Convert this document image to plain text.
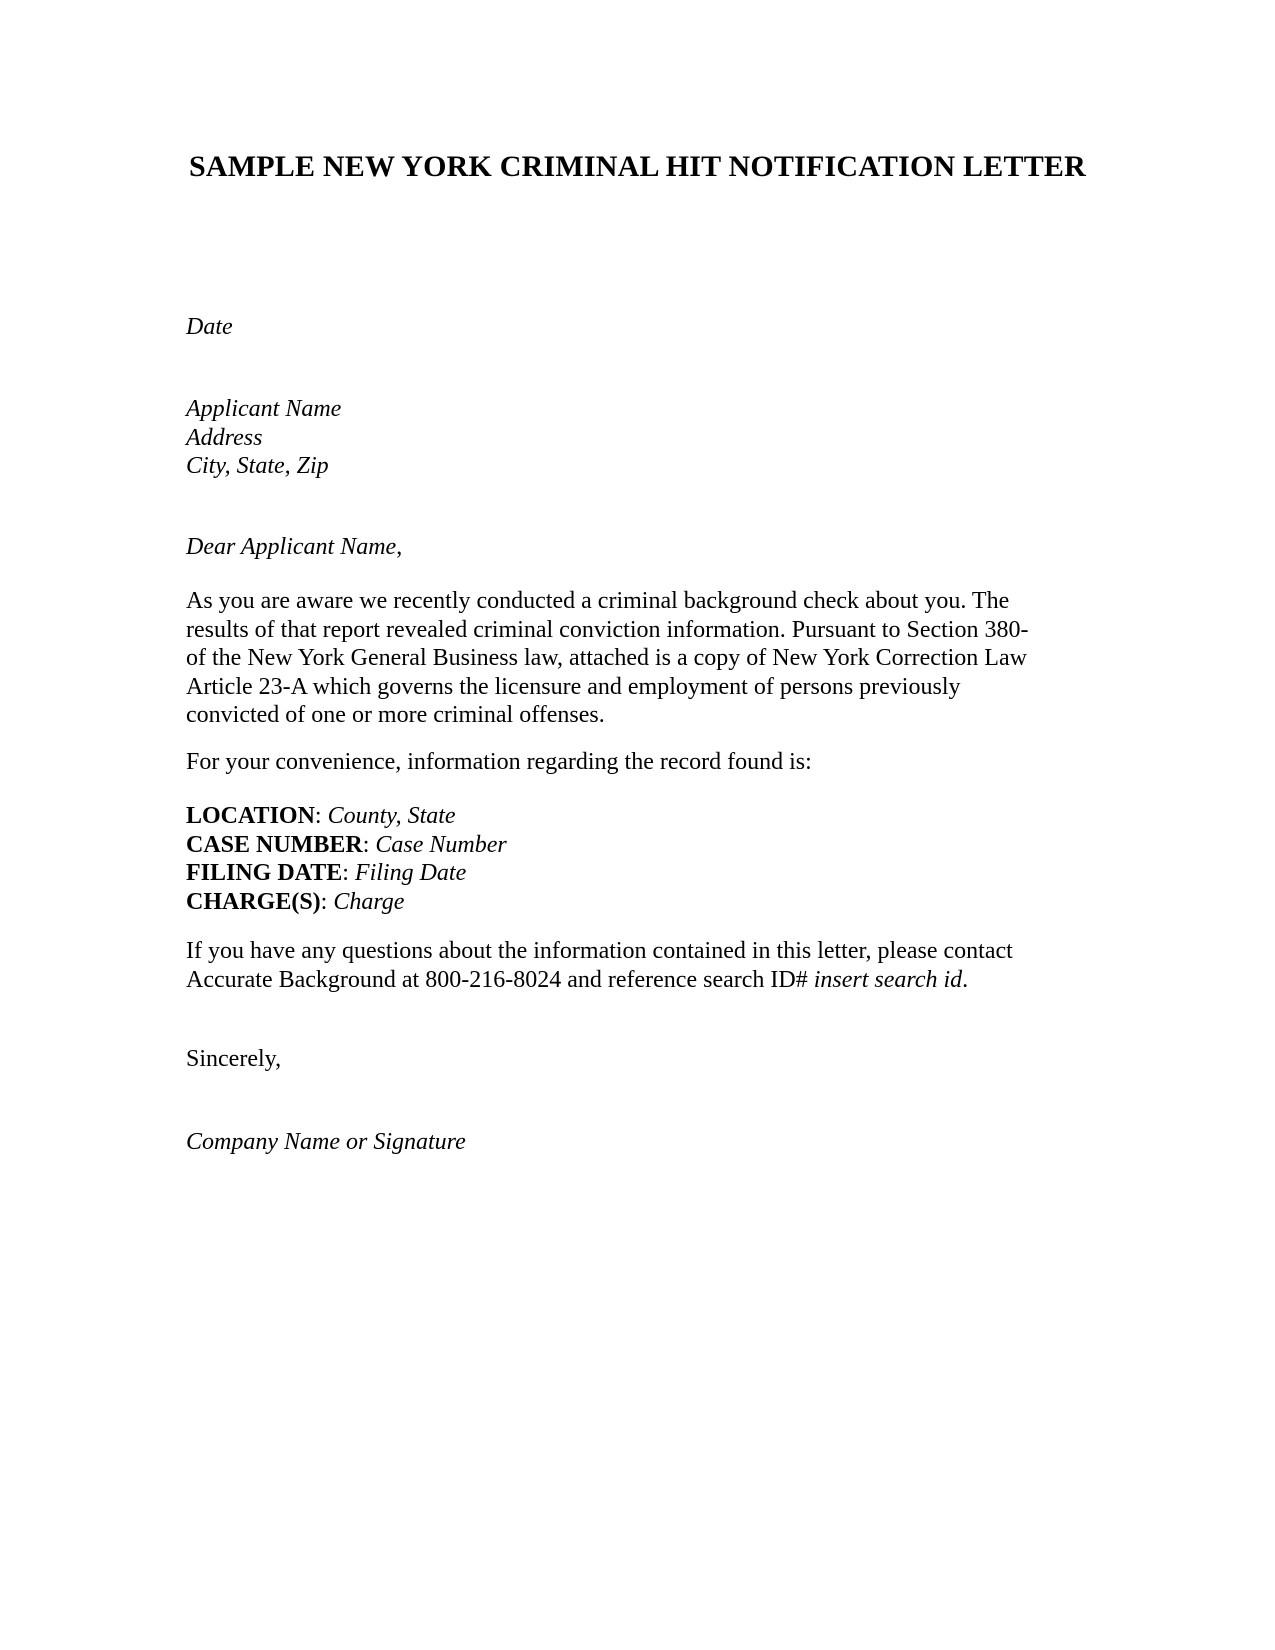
SAMPLE NEW YORK CRIMINAL HIT NOTIFICATION LETTER
Date
Applicant Name
Address
City, State, Zip
Dear Applicant Name,
As you are aware we recently conducted a criminal background check about you. The
results of that report revealed criminal conviction information. Pursuant to Section 380-
of the New York General Business law, attached is a copy of New York Correction Law
Article 23-A which governs the licensure and employment of persons previously
convicted of one or more criminal offenses.
For your convenience, information regarding the record found is:
LOCATION: County, State
CASE NUMBER: Case Number
FILING DATE: Filing Date
CHARGE(S): Charge
If you have any questions about the information contained in this letter, please contact
Accurate Background at 800-216-8024 and reference search ID# insert search id.
Sincerely,
Company Name or Signature
